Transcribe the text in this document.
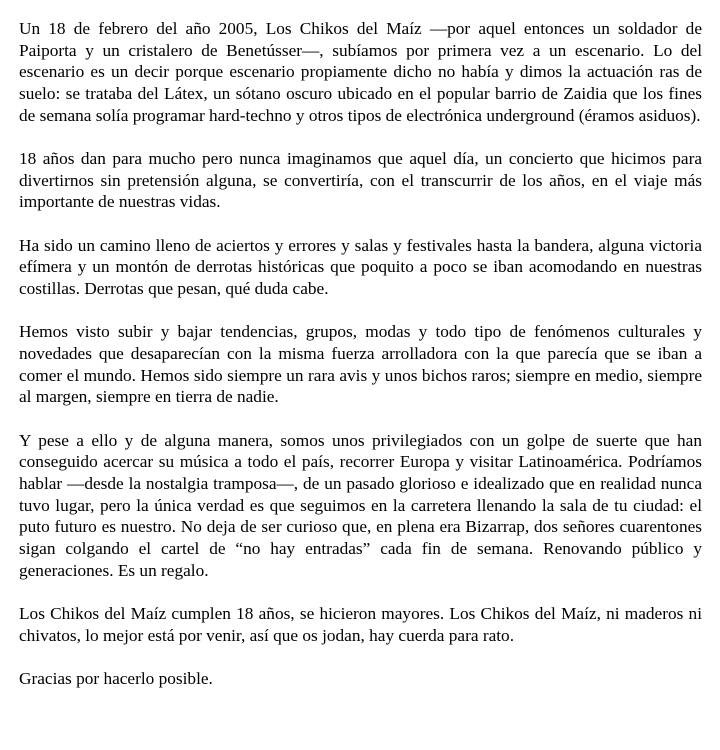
Un 18 de febrero del año 2005, Los Chikos del Maíz —por aquel entonces un soldador de Paiporta y un cristalero de Benetússer—, subíamos por primera vez a un escenario. Lo del escenario es un decir porque escenario propiamente dicho no había y dimos la actuación ras de suelo: se trataba del Látex, un sótano oscuro ubicado en el popular barrio de Zaidia que los fines de semana solía programar hard-techno y otros tipos de electrónica underground (éramos asiduos).

18 años dan para mucho pero nunca imaginamos que aquel día, un concierto que hicimos para divertirnos sin pretensión alguna, se convertiría, con el transcurrir de los años, en el viaje más importante de nuestras vidas.

Ha sido un camino lleno de aciertos y errores y salas y festivales hasta la bandera, alguna victoria efímera y un montón de derrotas históricas que poquito a poco se iban acomodando en nuestras costillas. Derrotas que pesan, qué duda cabe.

Hemos visto subir y bajar tendencias, grupos, modas y todo tipo de fenómenos culturales y novedades que desaparecían con la misma fuerza arrolladora con la que parecía que se iban a comer el mundo. Hemos sido siempre un rara avis y unos bichos raros; siempre en medio, siempre al margen, siempre en tierra de nadie.

Y pese a ello y de alguna manera, somos unos privilegiados con un golpe de suerte que han conseguido acercar su música a todo el país, recorrer Europa y visitar Latinoamérica. Podríamos hablar —desde la nostalgia tramposa—, de un pasado glorioso e idealizado que en realidad nunca tuvo lugar, pero la única verdad es que seguimos en la carretera llenando la sala de tu ciudad: el puto futuro es nuestro. No deja de ser curioso que, en plena era Bizarrap, dos señores cuarentones sigan colgando el cartel de “no hay entradas” cada fin de semana. Renovando público y generaciones. Es un regalo.

Los Chikos del Maíz cumplen 18 años, se hicieron mayores. Los Chikos del Maíz, ni maderos ni chivatos, lo mejor está por venir, así que os jodan, hay cuerda para rato.

Gracias por hacerlo posible.
